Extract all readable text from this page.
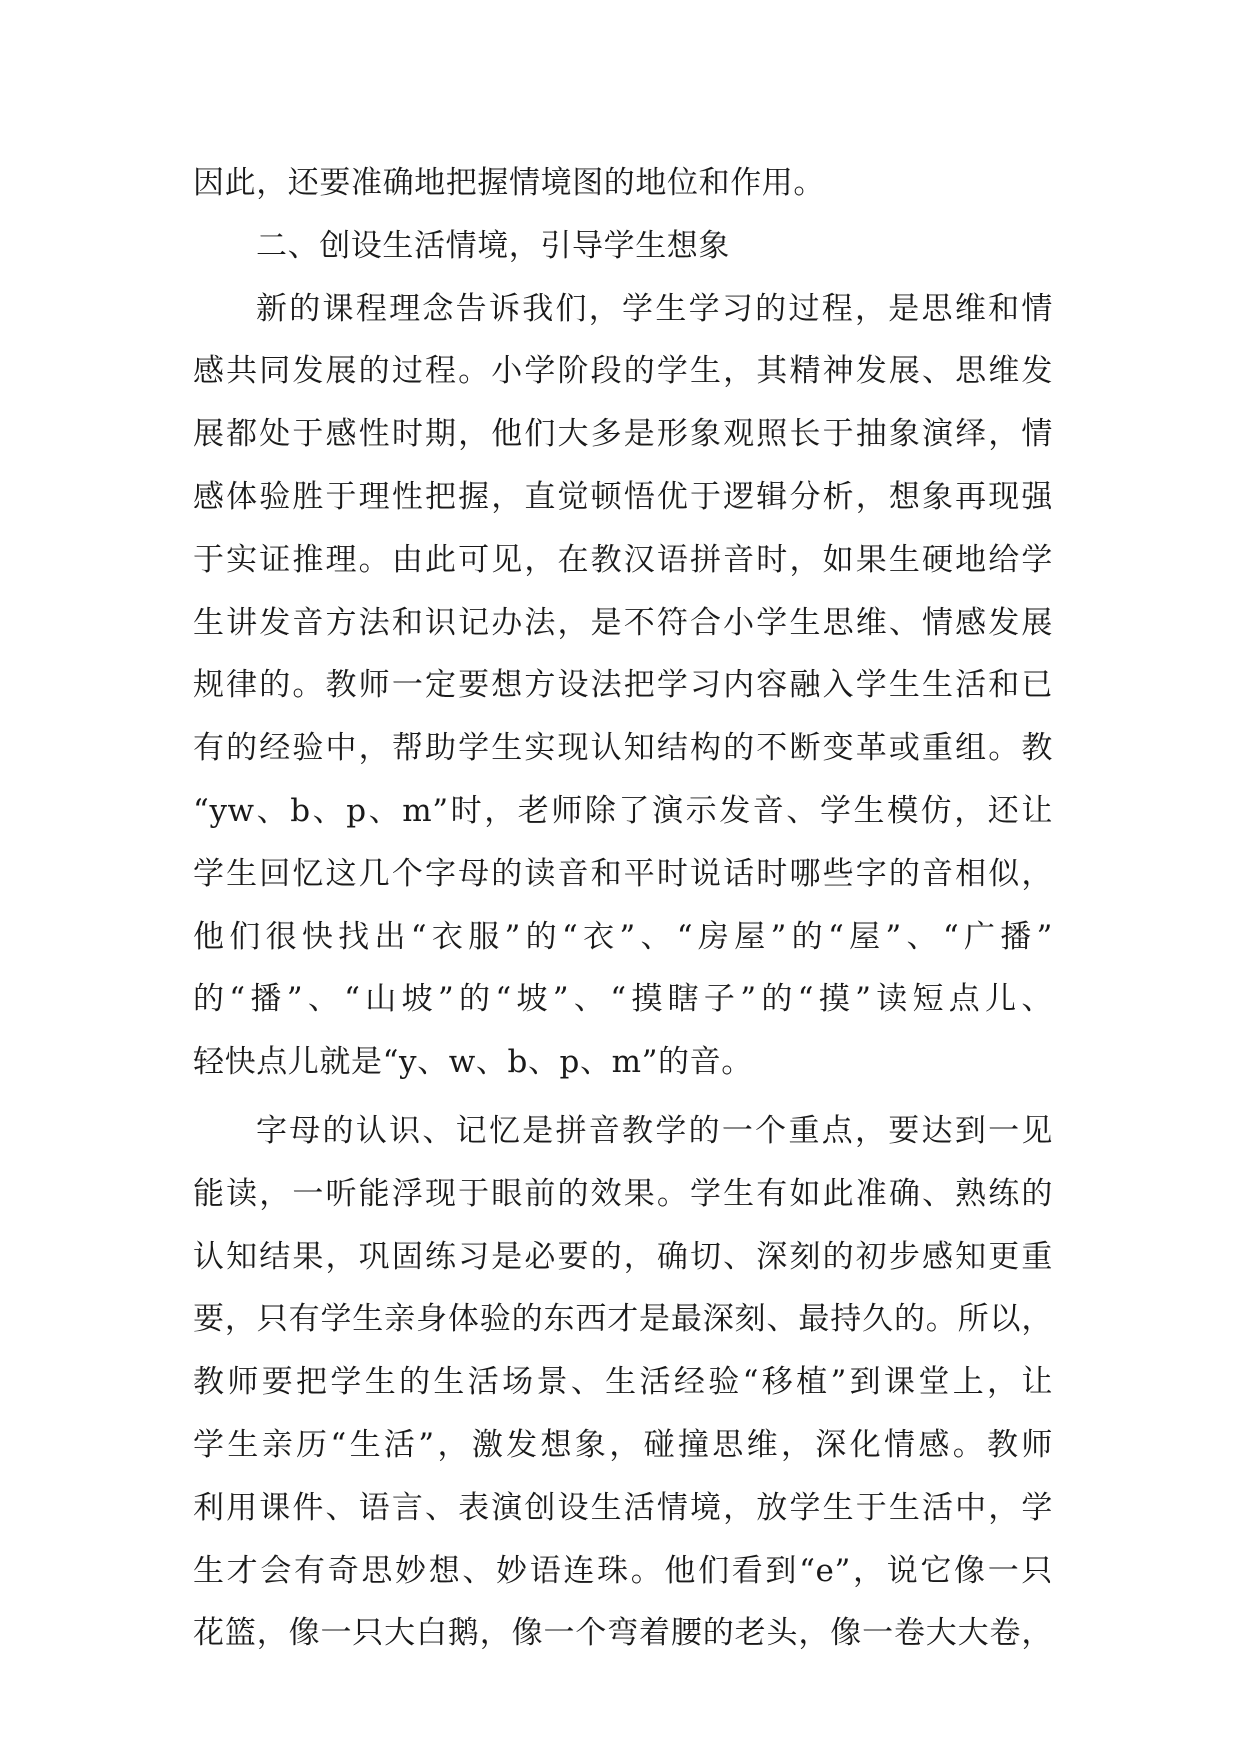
因此，还要准确地把握情境图的地位和作用。
二、创设生活情境，引导学生想象
新的课程理念告诉我们，学生学习的过程，是思维和情
感共同发展的过程。小学阶段的学生，其精神发展、思维发
展都处于感性时期，他们大多是形象观照长于抽象演绎，情
感体验胜于理性把握，直觉顿悟优于逻辑分析，想象再现强
于实证推理。由此可见，在教汉语拼音时，如果生硬地给学
生讲发音方法和识记办法，是不符合小学生思维、情感发展
规律的。教师一定要想方设法把学习内容融入学生生活和已
有的经验中，帮助学生实现认知结构的不断变革或重组。教
“yw、b、p、m”时，老师除了演示发音、学生模仿，还让
学生回忆这几个字母的读音和平时说话时哪些字的音相似，
他们很快找出“衣服”的“衣”、“房屋”的“屋”、“广播”
的“播”、“山坡”的“坡”、“摸瞎子”的“摸”读短点儿、
轻快点儿就是“y、w、b、p、m”的音。
字母的认识、记忆是拼音教学的一个重点，要达到一见
能读，一听能浮现于眼前的效果。学生有如此准确、熟练的
认知结果，巩固练习是必要的，确切、深刻的初步感知更重
要，只有学生亲身体验的东西才是最深刻、最持久的。所以，
教师要把学生的生活场景、生活经验“移植”到课堂上，让
学生亲历“生活”，激发想象，碰撞思维，深化情感。教师
利用课件、语言、表演创设生活情境，放学生于生活中，学
生才会有奇思妙想、妙语连珠。他们看到“e”，说它像一只
花篮，像一只大白鹅，像一个弯着腰的老头，像一卷大大卷，
